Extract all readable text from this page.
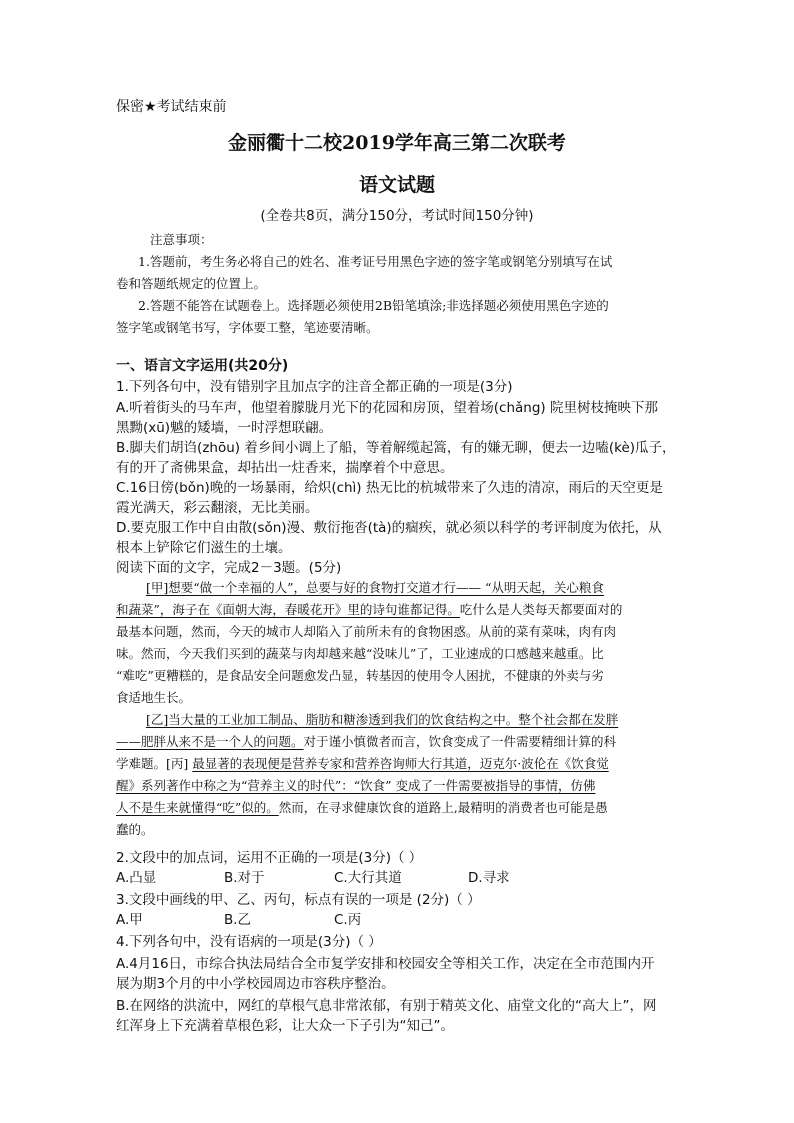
保密★考试结束前
金丽衢十二校2019学年高三第二次联考
语文试题
(全卷共8页，满分150分，考试时间150分钟)
注意事项：
1.答题前，考生务必将自己的姓名、准考证号用黑色字迹的签字笔或钢笔分别填写在试
卷和答题纸规定的位置上。
2.答题不能答在试题卷上。选择题必须使用2B铅笔填涂;非选择题必须使用黑色字迹的
签字笔或钢笔书写，字体要工整，笔迹要清晰。
一、语言文字运用(共20分)
1.下列各句中，没有错别字且加点字的注音全都正确的一项是(3分)
A.听着街头的马车声，他望着朦胧月光下的花园和房顶，望着场(chǎng) 院里树枝掩映下那
黑黝(xū)魆的矮墙，一时浮想联翩。
B.脚夫们胡诌(zhōu) 着乡间小调上了船，等着解缆起篙，有的嫌无聊，便去一边嗑(kè)瓜子，
有的开了斋佛果盒，却拈出一炷香来，揣摩着个中意思。
C.16日傍(bǒn)晚的一场暴雨，给炽(chì) 热无比的杭城带来了久违的清凉，雨后的天空更是
霞光满天，彩云翻滚，无比美丽。
D.要克服工作中自由散(sǒn)漫、敷衍拖沓(tà)的痼疾，就必须以科学的考评制度为依托，从
根本上铲除它们滋生的土壤。
阅读下面的文字，完成2－3题。(5分)
[甲]想要“做一个幸福的人”，总要与好的食物打交道才行—— “从明天起，关心粮食
和蔬菜”，海子在《面朝大海，春暖花开》里的诗句谁都记得。吃什么是人类每天都要面对的
最基本问题，然而，今天的城市人却陷入了前所未有的食物困惑。从前的菜有菜味，肉有肉
味。然而，今天我们买到的蔬菜与肉却越来越“没味儿”了，工业速成的口感越来越重。比
“难吃”更糟糕的，是食品安全问题愈发凸显，转基因的使用令人困扰，不健康的外卖与劣
食适地生长。
[乙]当大量的工业加工制品、脂肪和糖渗透到我们的饮食结构之中。整个社会都在发胖
——肥胖从来不是一个人的问题。对于谨小慎微者而言，饮食变成了一件需要精细计算的科
学难题。[丙] 最显著的表现便是营养专家和营养咨询师大行其道，迈克尔·波伦在《饮食觉
醒》系列著作中称之为“营养主义的时代”：“饮食” 变成了一件需要被指导的事情，仿佛
人不是生来就懂得“吃”似的。然而，在寻求健康饮食的道路上,最精明的消费者也可能是愚
蠢的。
2.文段中的加点词，运用不正确的一项是(3分)（ ）
A.凸显	B.对于	C.大行其道	D.寻求
3.文段中画线的甲、乙、丙句，标点有误的一项是 (2分)（ ）
A.甲	B.乙	C.丙
4.下列各句中，没有语病的一项是(3分)（ ）
A.4月16日，市综合执法局结合全市复学安排和校园安全等相关工作，决定在全市范围内开
展为期3个月的中小学校园周边市容秩序整治。
B.在网络的洪流中，网红的草根气息非常浓郁，有别于精英文化、庙堂文化的“高大上”，网
红浑身上下充满着草根色彩，让大众一下子引为“知己”。
